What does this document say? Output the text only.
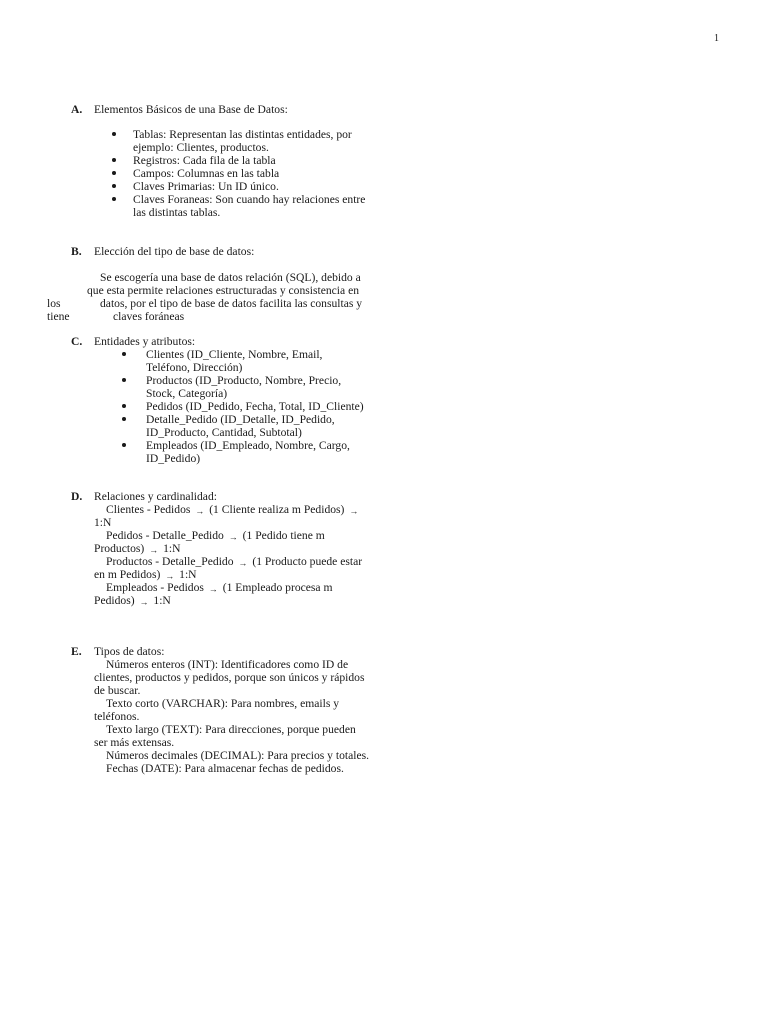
1
A. Elementos Básicos de una Base de Datos:
Tablas: Representan las distintas entidades, por
ejemplo: Clientes, productos.
Registros: Cada fila de la tabla
Campos: Columnas en las tabla
Claves Primarias: Un ID único.
Claves Foraneas: Son cuando hay relaciones entre
las distintas tablas.
B. Elección del tipo de base de datos:
Se escogería una base de datos relación (SQL), debido a
que esta permite relaciones estructuradas y consistencia en
los	datos, por el tipo de base de datos facilita las consultas y
tiene	claves foráneas
C. Entidades y atributos:
Clientes (ID_Cliente, Nombre, Email,
Teléfono, Dirección)
Productos (ID_Producto, Nombre, Precio,
Stock, Categoría)
Pedidos (ID_Pedido, Fecha, Total, ID_Cliente)
Detalle_Pedido (ID_Detalle, ID_Pedido,
ID_Producto, Cantidad, Subtotal)
Empleados (ID_Empleado, Nombre, Cargo,
ID_Pedido)
D. Relaciones y cardinalidad:
Clientes - Pedidos → (1 Cliente realiza m Pedidos) →
1:N
Pedidos - Detalle_Pedido → (1 Pedido tiene m
Productos) → 1:N
Productos - Detalle_Pedido → (1 Producto puede estar
en m Pedidos) → 1:N
Empleados - Pedidos → (1 Empleado procesa m
Pedidos) → 1:N
E. Tipos de datos:
Números enteros (INT): Identificadores como ID de
clientes, productos y pedidos, porque son únicos y rápidos
de buscar.
Texto corto (VARCHAR): Para nombres, emails y
teléfonos.
Texto largo (TEXT): Para direcciones, porque pueden
ser más extensas.
Números decimales (DECIMAL): Para precios y totales.
Fechas (DATE): Para almacenar fechas de pedidos.
